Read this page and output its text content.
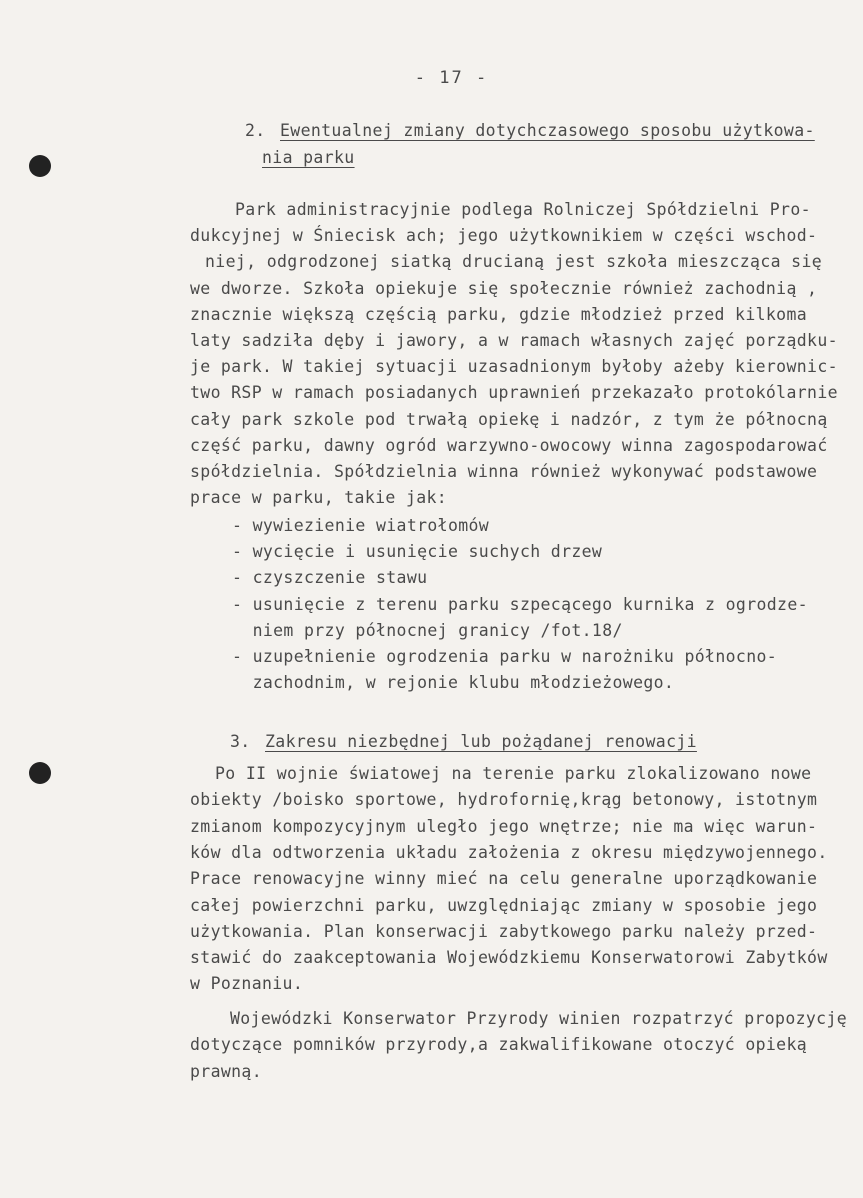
- 17 -
2. Ewentualnej zmiany dotychczasowego sposobu użytkowa-
nia parku
Park administracyjnie podlega Rolniczej Spółdzielni Pro-
dukcyjnej w Śniecisk ach; jego użytkownikiem w części wschod-
niej, odgrodzonej siatką drucianą jest szkoła mieszcząca się
we dworze. Szkoła opiekuje się społecznie również zachodnią ,
znacznie większą częścią parku, gdzie młodzież przed kilkoma
laty sadziła dęby i jawory, a w ramach własnych zajęć porządku-
je park. W takiej sytuacji uzasadnionym byłoby ażeby kierownic-
two RSP w ramach posiadanych uprawnień przekazało protokólarnie
cały park szkole pod trwałą opiekę i nadzór, z tym że północną
część parku, dawny ogród warzywno-owocowy winna zagospodarować
spółdzielnia. Spółdzielnia winna również wykonywać podstawowe
prace w parku, takie jak:
- wywiezienie wiatrołomów
- wycięcie i usunięcie suchych drzew
- czyszczenie stawu
- usunięcie z terenu parku szpecącego kurnika z ogrodze-
niem przy północnej granicy /fot.18/
- uzupełnienie ogrodzenia parku w narożniku północno-
zachodnim, w rejonie klubu młodzieżowego.
3. Zakresu niezbędnej lub pożądanej renowacji
Po II wojnie światowej na terenie parku zlokalizowano nowe
obiekty /boisko sportowe, hydrofornię,krąg betonowy, istotnym
zmianom kompozycyjnym uległo jego wnętrze; nie ma więc warun-
ków dla odtworzenia układu założenia z okresu międzywojennego.
Prace renowacyjne winny mieć na celu generalne uporządkowanie
całej powierzchni parku, uwzględniając zmiany w sposobie jego
użytkowania. Plan konserwacji zabytkowego parku należy przed-
stawić do zaakceptowania Wojewódzkiemu Konserwatorowi Zabytków
w Poznaniu.
Wojewódzki Konserwator Przyrody winien rozpatrzyć propozycję
dotyczące pomników przyrody,a zakwalifikowane otoczyć opieką
prawną.
